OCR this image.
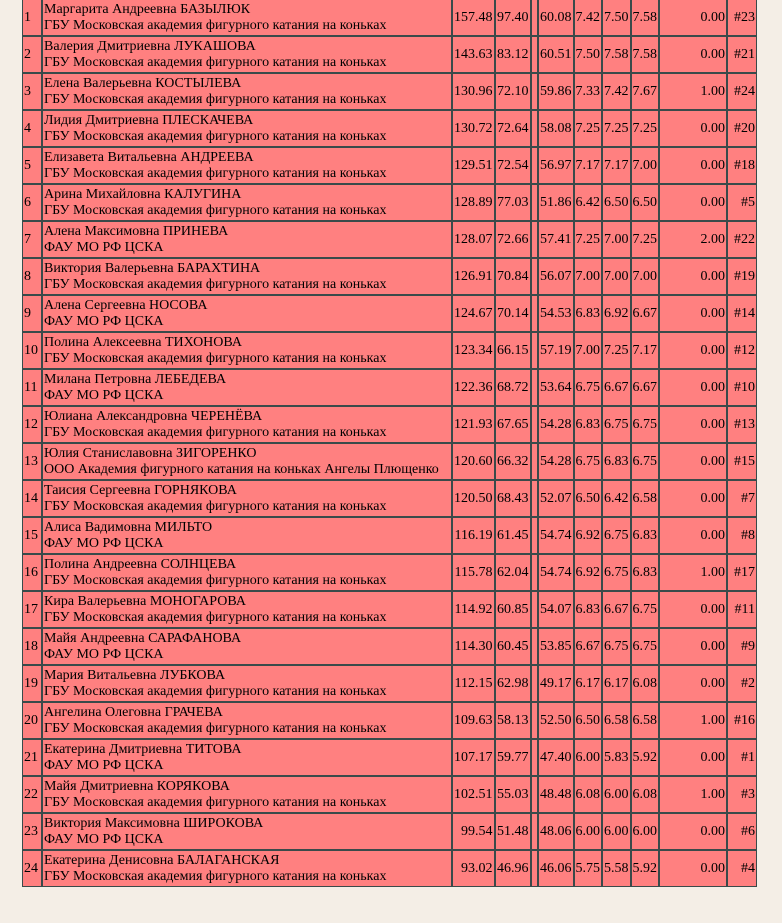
1	Маргарита Андреевна БАЗЫЛЮК
ГБУ Московская академия фигурного катания на коньках	157.48	97.40		60.08	7.42	7.50	7.58	0.00	#23
2	Валерия Дмитриевна ЛУКАШОВА
ГБУ Московская академия фигурного катания на коньках	143.63	83.12		60.51	7.50	7.58	7.58	0.00	#21
3	Елена Валерьевна КОСТЫЛЕВА
ГБУ Московская академия фигурного катания на коньках	130.96	72.10		59.86	7.33	7.42	7.67	1.00	#24
4	Лидия Дмитриевна ПЛЕСКАЧЕВА
ГБУ Московская академия фигурного катания на коньках	130.72	72.64		58.08	7.25	7.25	7.25	0.00	#20
5	Елизавета Витальевна АНДРЕЕВА
ГБУ Московская академия фигурного катания на коньках	129.51	72.54		56.97	7.17	7.17	7.00	0.00	#18
6	Арина Михайловна КАЛУГИНА
ГБУ Московская академия фигурного катания на коньках	128.89	77.03		51.86	6.42	6.50	6.50	0.00	#5
7	Алена Максимовна ПРИНЕВА
ФАУ МО РФ ЦСКА	128.07	72.66		57.41	7.25	7.00	7.25	2.00	#22
8	Виктория Валерьевна БАРАХТИНА
ГБУ Московская академия фигурного катания на коньках	126.91	70.84		56.07	7.00	7.00	7.00	0.00	#19
9	Алена Сергеевна НОСОВА
ФАУ МО РФ ЦСКА	124.67	70.14		54.53	6.83	6.92	6.67	0.00	#14
10	Полина Алексеевна ТИХОНОВА
ГБУ Московская академия фигурного катания на коньках	123.34	66.15		57.19	7.00	7.25	7.17	0.00	#12
11	Милана Петровна ЛЕБЕДЕВА
ФАУ МО РФ ЦСКА	122.36	68.72		53.64	6.75	6.67	6.67	0.00	#10
12	Юлиана Александровна ЧЕРЕНЁВА
ГБУ Московская академия фигурного катания на коньках	121.93	67.65		54.28	6.83	6.75	6.75	0.00	#13
13	Юлия Станиславовна ЗИГОРЕНКО
ООО Академия фигурного катания на коньках Ангелы Плющенко	120.60	66.32		54.28	6.75	6.83	6.75	0.00	#15
14	Таисия Сергеевна ГОРНЯКОВА
ГБУ Московская академия фигурного катания на коньках	120.50	68.43		52.07	6.50	6.42	6.58	0.00	#7
15	Алиса Вадимовна МИЛЬТО
ФАУ МО РФ ЦСКА	116.19	61.45		54.74	6.92	6.75	6.83	0.00	#8
16	Полина Андреевна СОЛНЦЕВА
ГБУ Московская академия фигурного катания на коньках	115.78	62.04		54.74	6.92	6.75	6.83	1.00	#17
17	Кира Валерьевна МОНОГАРОВА
ГБУ Московская академия фигурного катания на коньках	114.92	60.85		54.07	6.83	6.67	6.75	0.00	#11
18	Майя Андреевна САРАФАНОВА
ФАУ МО РФ ЦСКА	114.30	60.45		53.85	6.67	6.75	6.75	0.00	#9
19	Мария Витальевна ЛУБКОВА
ГБУ Московская академия фигурного катания на коньках	112.15	62.98		49.17	6.17	6.17	6.08	0.00	#2
20	Ангелина Олеговна ГРАЧЕВА
ГБУ Московская академия фигурного катания на коньках	109.63	58.13		52.50	6.50	6.58	6.58	1.00	#16
21	Екатерина Дмитриевна ТИТОВА
ФАУ МО РФ ЦСКА	107.17	59.77		47.40	6.00	5.83	5.92	0.00	#1
22	Майя Дмитриевна КОРЯКОВА
ГБУ Московская академия фигурного катания на коньках	102.51	55.03		48.48	6.08	6.00	6.08	1.00	#3
23	Виктория Максимовна ШИРОКОВА
ФАУ МО РФ ЦСКА	99.54	51.48		48.06	6.00	6.00	6.00	0.00	#6
24	Екатерина Денисовна БАЛАГАНСКАЯ
ГБУ Московская академия фигурного катания на коньках	93.02	46.96		46.06	5.75	5.58	5.92	0.00	#4
